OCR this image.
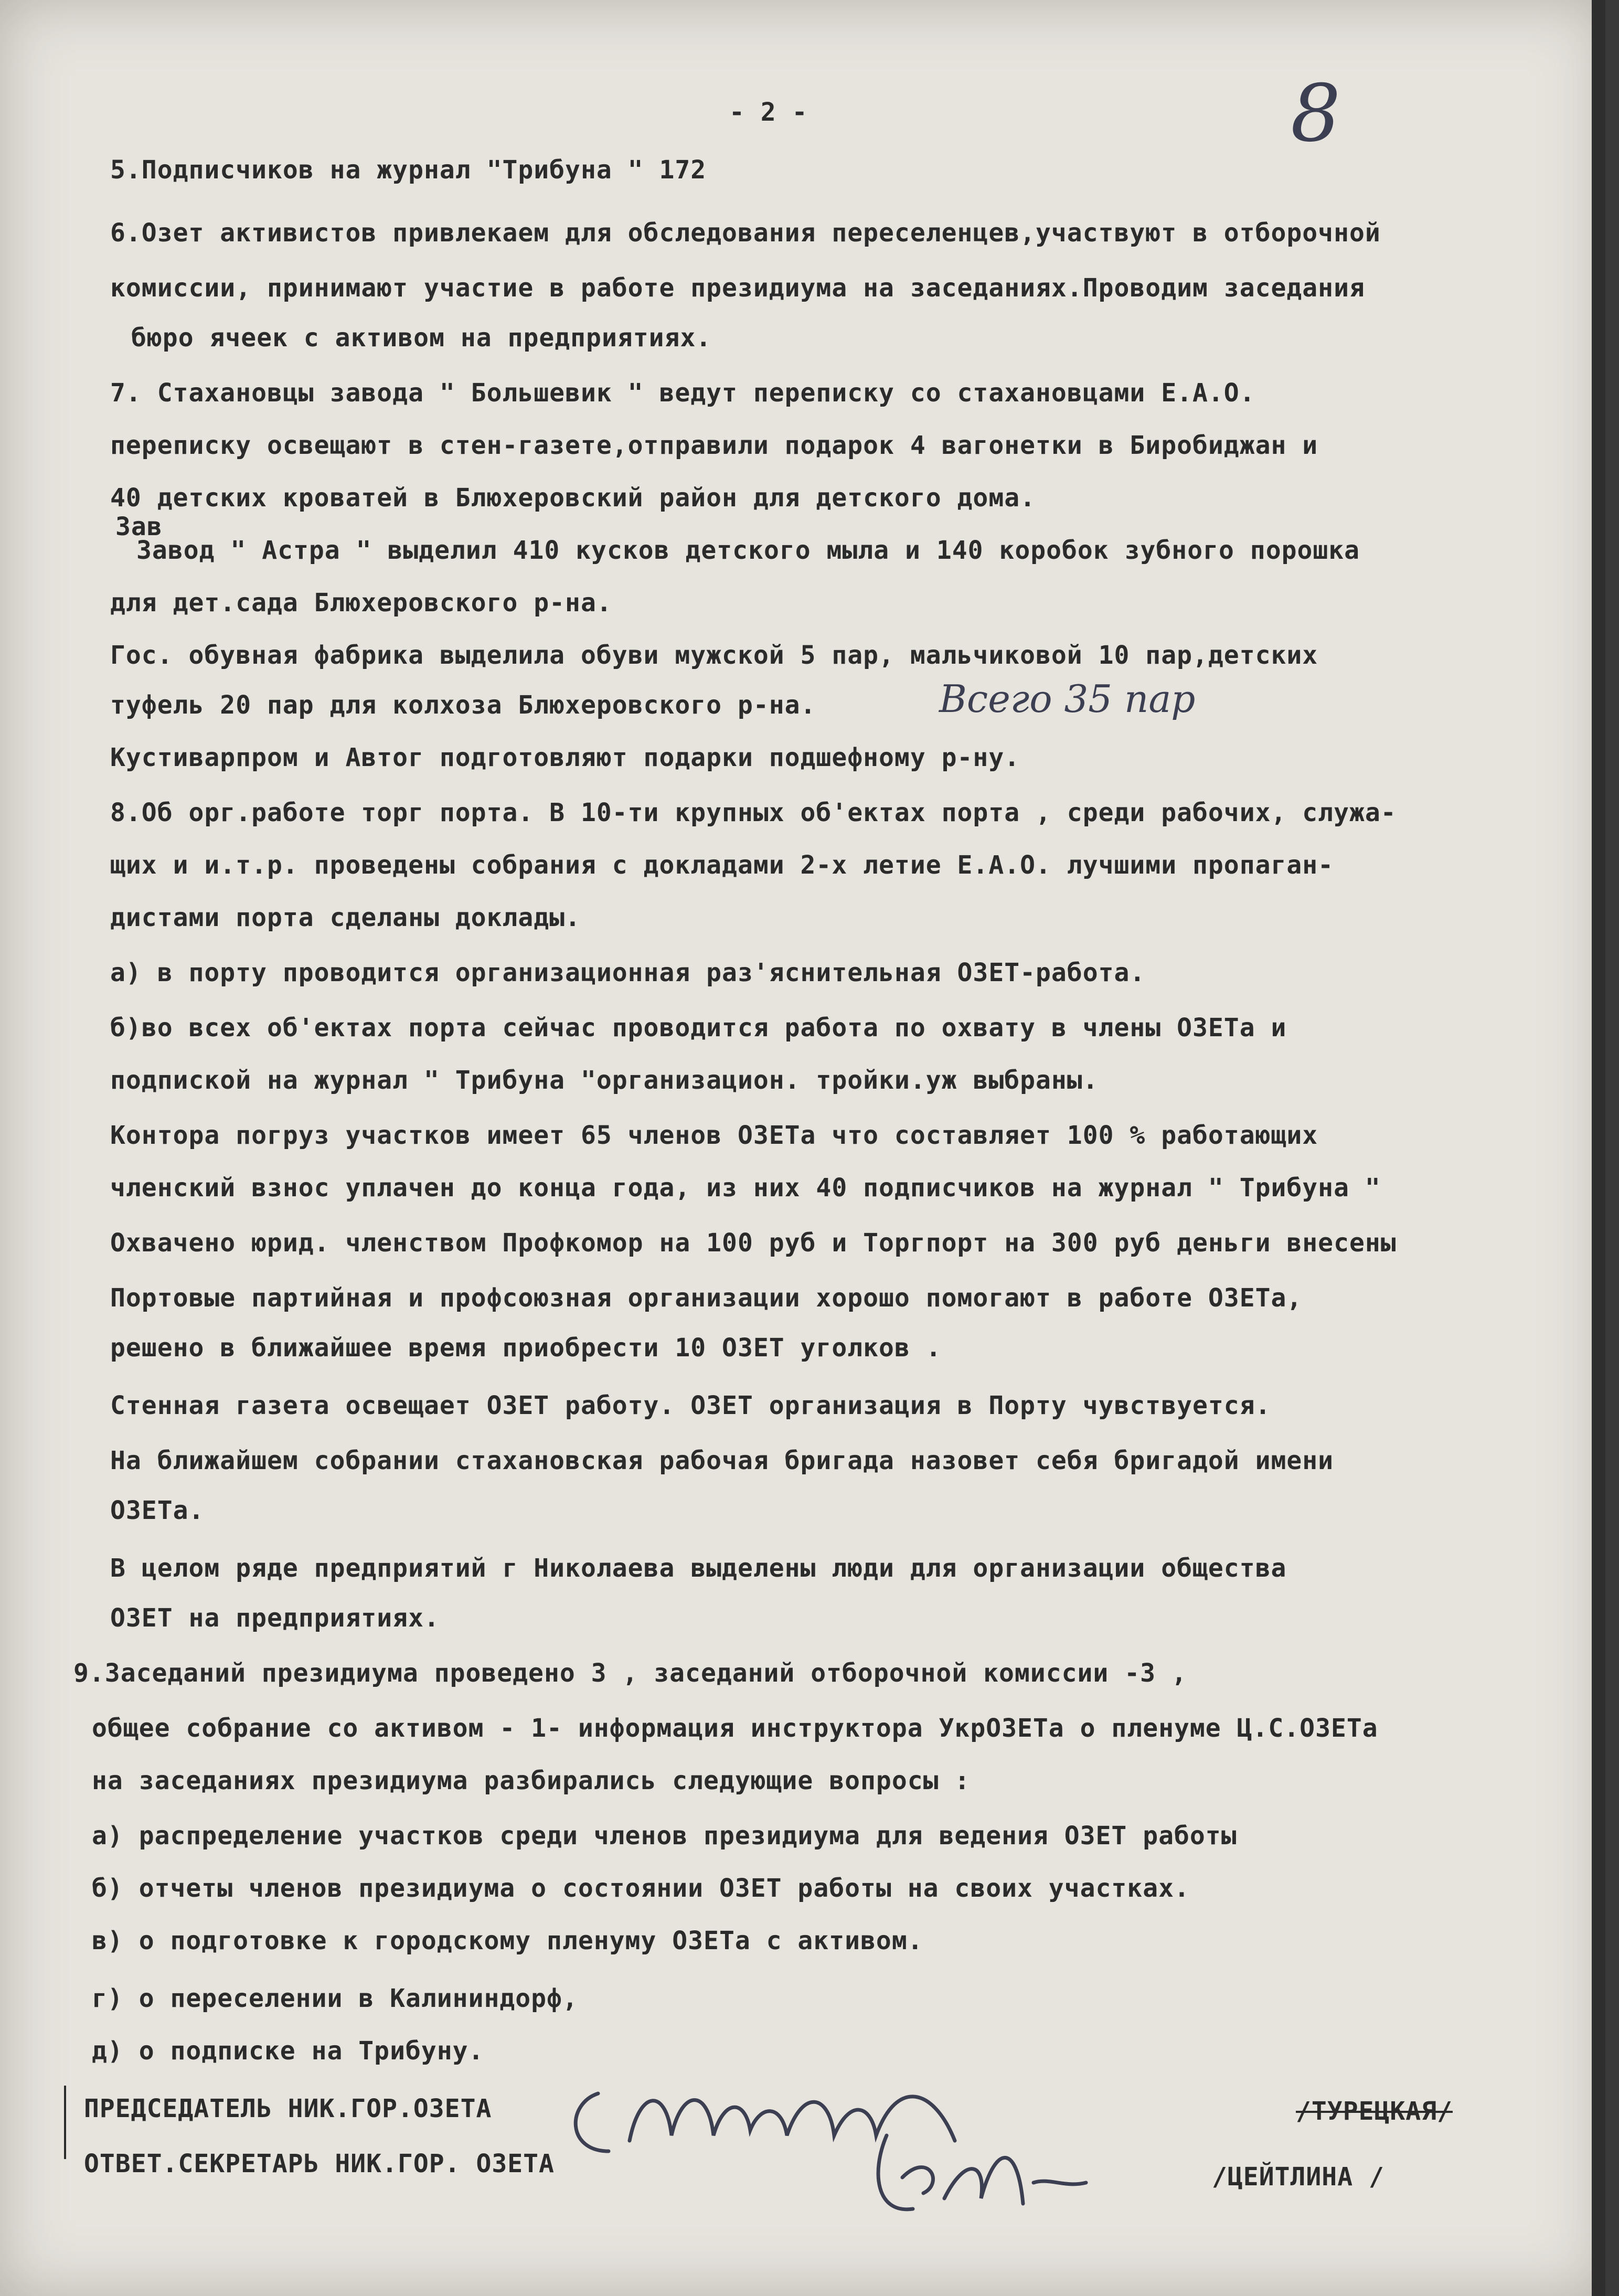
- 2 -	8
5.Подписчиков на журнал "Трибуна " 172
6.Озет активистов привлекаем для обследования переселенцев,участвуют в отборочной
комиссии, принимают участие в работе президиума на заседаниях.Проводим заседания
бюро ячеек с активом на предприятиях.
7. Стахановцы завода " Большевик " ведут переписку со стахановцами Е.А.О.
переписку освещают в стен-газете,отправили подарок 4 вагонетки в Биробиджан и
40 детских кроватей в Блюхеровский район для детского дома.
Зав
Завод " Астра " выделил 410 кусков детского мыла и 140 коробок зубного порошка
для дет.сада Блюхеровского р-на.
Гос. обувная фабрика выделила обуви мужской 5 пар, мальчиковой 10 пар,детских
туфель 20 пар для колхоза Блюхеровского р-на.
Кустиварпром и Автог подготовляют подарки подшефному р-ну.
8.Об орг.работе торг порта. В 10-ти крупных об'ектах порта , среди рабочих, служа-
щих и и.т.р. проведены собрания с докладами 2-х летие Е.А.О. лучшими пропаган-
дистами порта сделаны доклады.
а) в порту проводится организационная раз'яснительная ОЗЕТ-работа.
б)во всех об'ектах порта сейчас проводится работа по охвату в члены ОЗЕТа и
подпиской на журнал " Трибуна "организацион. тройки.уж выбраны.
Контора погруз участков имеет 65 членов ОЗЕТа что составляет 100 % работающих
членский взнос уплачен до конца года, из них 40 подписчиков на журнал " Трибуна "
Охвачено юрид. членством Профкомор на 100 руб и Торгпорт на 300 руб деньги внесены
Портовые партийная и профсоюзная организации хорошо помогают в работе ОЗЕТа,
решено в ближайшее время приобрести 10 ОЗЕТ уголков .
Стенная газета освещает ОЗЕТ работу. ОЗЕТ организация в Порту чувствуется.
На ближайшем собрании стахановская рабочая бригада назовет себя бригадой имени
ОЗЕТа.
В целом ряде предприятий г Николаева выделены люди для организации общества
ОЗЕТ на предприятиях.
9.Заседаний президиума проведено 3 , заседаний отборочной комиссии -3 ,
общее собрание со активом - 1- информация инструктора УкрОЗЕТа о пленуме Ц.С.ОЗЕТа
на заседаниях президиума разбирались следующие вопросы :
а) распределение участков среди членов президиума для ведения ОЗЕТ работы
б) отчеты членов президиума о состоянии ОЗЕТ работы на своих участках.
в) о подготовке к городскому пленуму ОЗЕТа с активом.
г) о переселении в Калининдорф,
д) о подписке на Трибуну.
ПРЕДСЕДАТЕЛЬ НИК.ГОР.ОЗЕТА
ОТВЕТ.СЕКРЕТАРЬ НИК.ГОР. ОЗЕТА	/ЦЕЙТЛИНА /
Всего 35 пар
/ТУРЕЦКАЯ/
